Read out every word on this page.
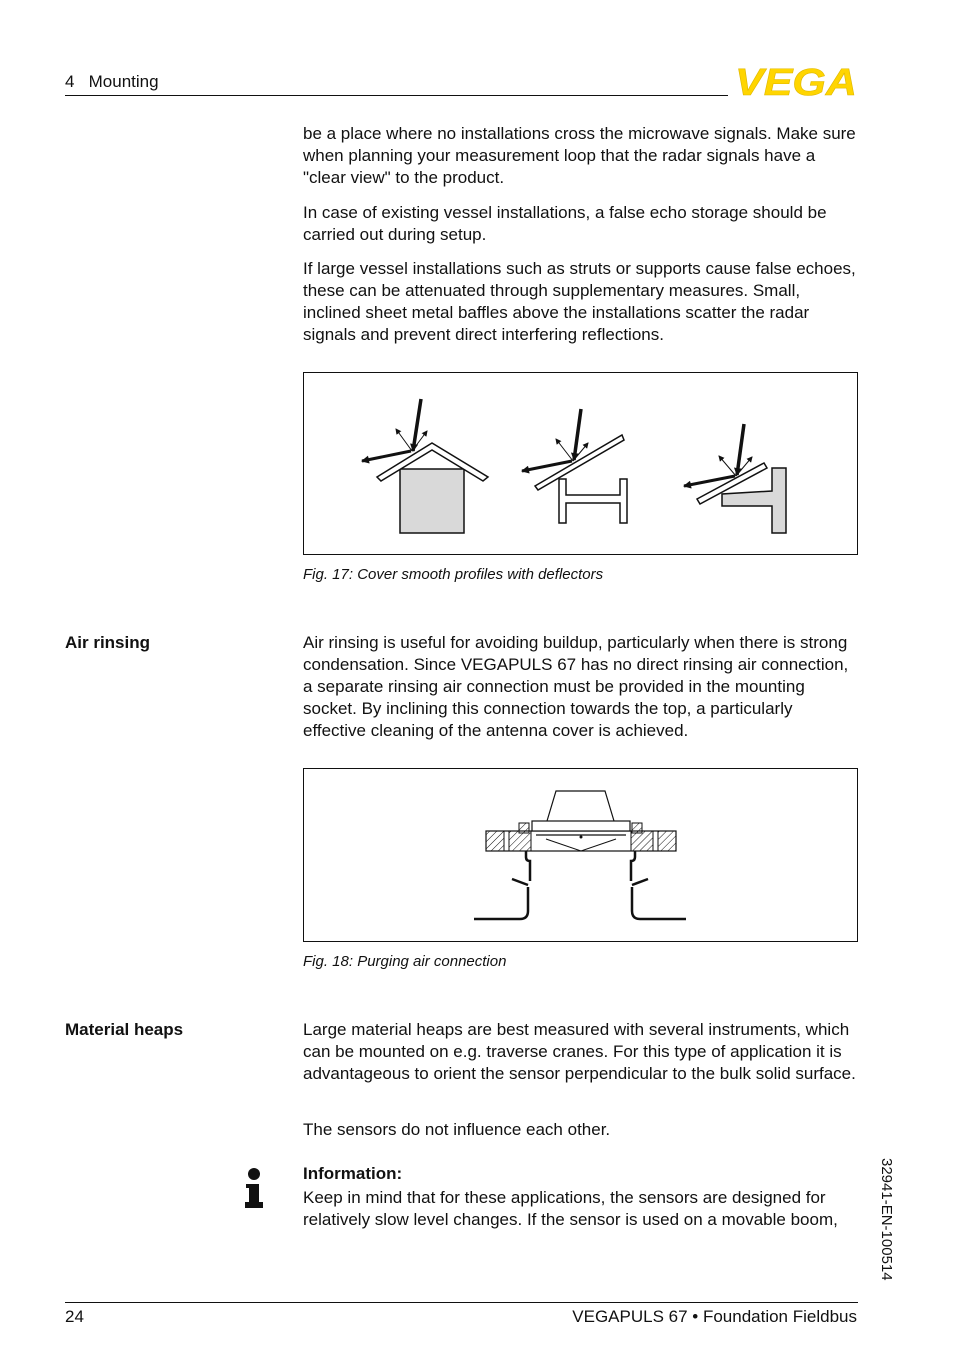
4 Mounting	VEGA

be a place where no installations cross the microwave signals. Make sure when planning your measurement loop that the radar signals have a "clear view" to the product.

In case of existing vessel installations, a false echo storage should be carried out during setup.

If large vessel installations such as struts or supports cause false echoes, these can be attenuated through supplementary measures. Small, inclined sheet metal baffles above the installations scatter the radar signals and prevent direct interfering reflections.

Fig. 17: Cover smooth profiles with deflectors
Air rinsing	Air rinsing is useful for avoiding buildup, particularly when there is strong condensation. Since VEGAPULS 67 has no direct rinsing air connection, a separate rinsing air connection must be provided in the mounting socket. By inclining this connection towards the top, a particularly effective cleaning of the antenna cover is achieved.

Fig. 18: Purging air connection
Material heaps	Large material heaps are best measured with several instruments, which can be mounted on e.g. traverse cranes. For this type of application it is advantageous to orient the sensor perpendicular to the bulk solid surface.

The sensors do not influence each other.

Information:

Keep in mind that for these applications, the sensors are designed for relatively slow level changes. If the sensor is used on a movable boom,	32941-EN-100514
24	VEGAPULS 67 • Foundation Fieldbus
